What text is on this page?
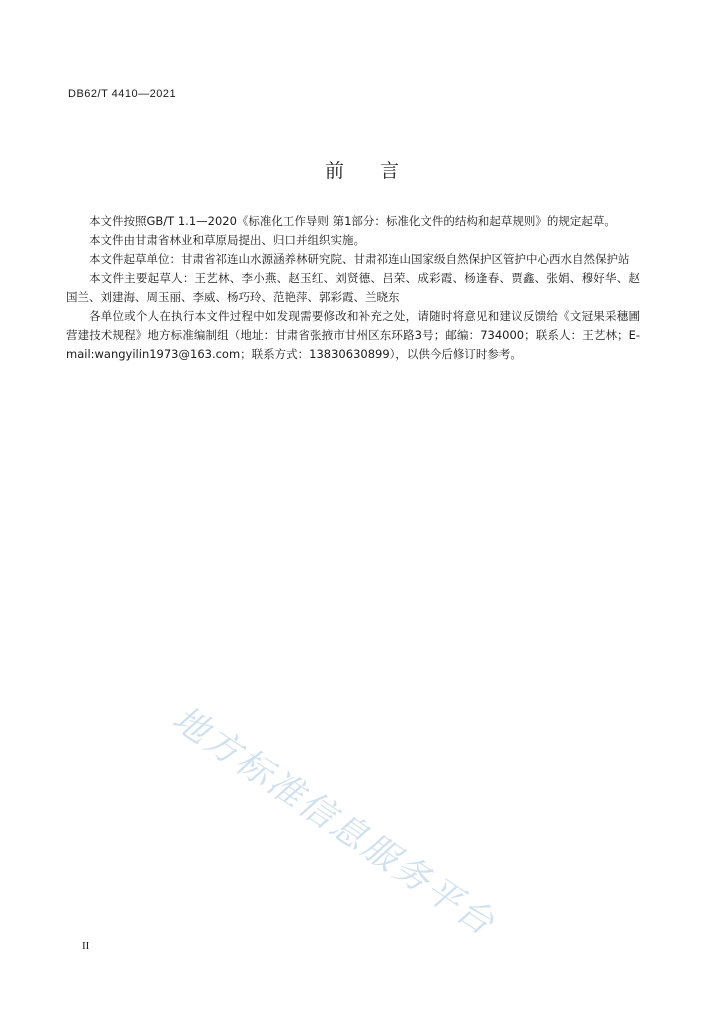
DB62/T 4410—2021
前言

本文件按照GB/T 1.1—2020《标准化工作导则 第1部分：标准化文件的结构和起草规则》的规定起草。

本文件由甘肃省林业和草原局提出、归口并组织实施。

本文件起草单位：甘肃省祁连山水源涵养林研究院、甘肃祁连山国家级自然保护区管护中心西水自然保护站

本文件主要起草人：王艺林、李小燕、赵玉红、刘贤德、吕荣、成彩霞、杨逢春、贾鑫、张娟、穆好华、赵国兰、刘建海、周玉丽、李威、杨巧玲、范艳萍、郭彩霞、兰晓东

各单位或个人在执行本文件过程中如发现需要修改和补充之处，请随时将意见和建议反馈给《文冠果采穗圃营建技术规程》地方标准编制组（地址：甘肃省张掖市甘州区东环路3号；邮编：734000；联系人：王艺林；E-mail:wangyilin1973@163.com；联系方式：13830630899），以供今后修订时参考。

地方标准信息服务平台
II
